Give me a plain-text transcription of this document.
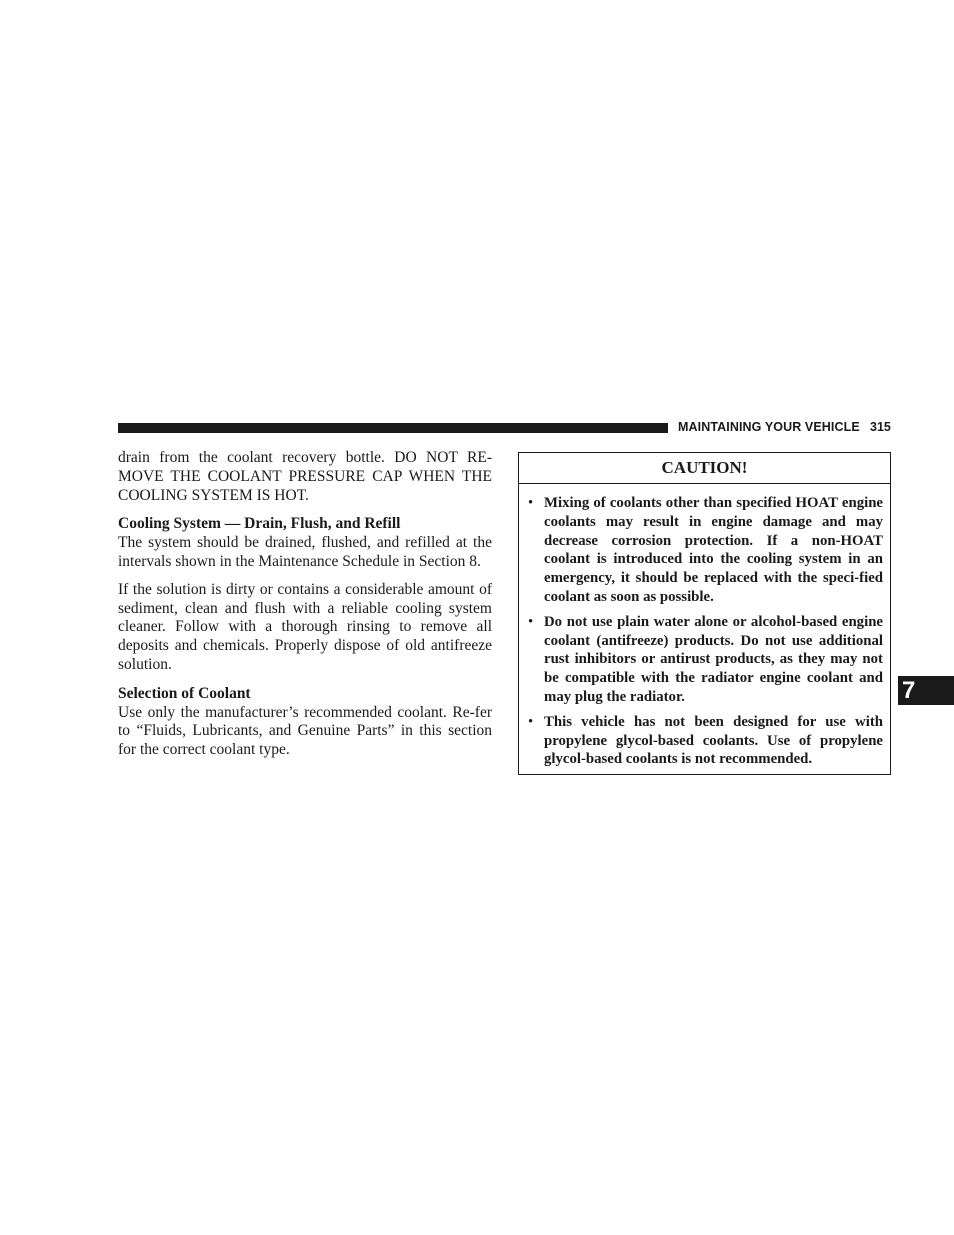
MAINTAINING YOUR VEHICLE 315

drain from the coolant recovery bottle. DO NOT RE-MOVE THE COOLANT PRESSURE CAP WHEN THE COOLING SYSTEM IS HOT.

Cooling System — Drain, Flush, and Refill

The system should be drained, flushed, and refilled at the intervals shown in the Maintenance Schedule in Section 8.

If the solution is dirty or contains a considerable amount of sediment, clean and flush with a reliable cooling system cleaner. Follow with a thorough rinsing to remove all deposits and chemicals. Properly dispose of old antifreeze solution.

Selection of Coolant

Use only the manufacturer’s recommended coolant. Re-fer to “Fluids, Lubricants, and Genuine Parts” in this section for the correct coolant type.

CAUTION!
• Mixing of coolants other than specified HOAT engine coolants may result in engine damage and may decrease corrosion protection. If a non-HOAT coolant is introduced into the cooling system in an emergency, it should be replaced with the speci-fied coolant as soon as possible.
• Do not use plain water alone or alcohol-based engine coolant (antifreeze) products. Do not use additional rust inhibitors or antirust products, as they may not be compatible with the radiator engine coolant and may plug the radiator.
• This vehicle has not been designed for use with propylene glycol-based coolants. Use of propylene glycol-based coolants is not recommended.
7
